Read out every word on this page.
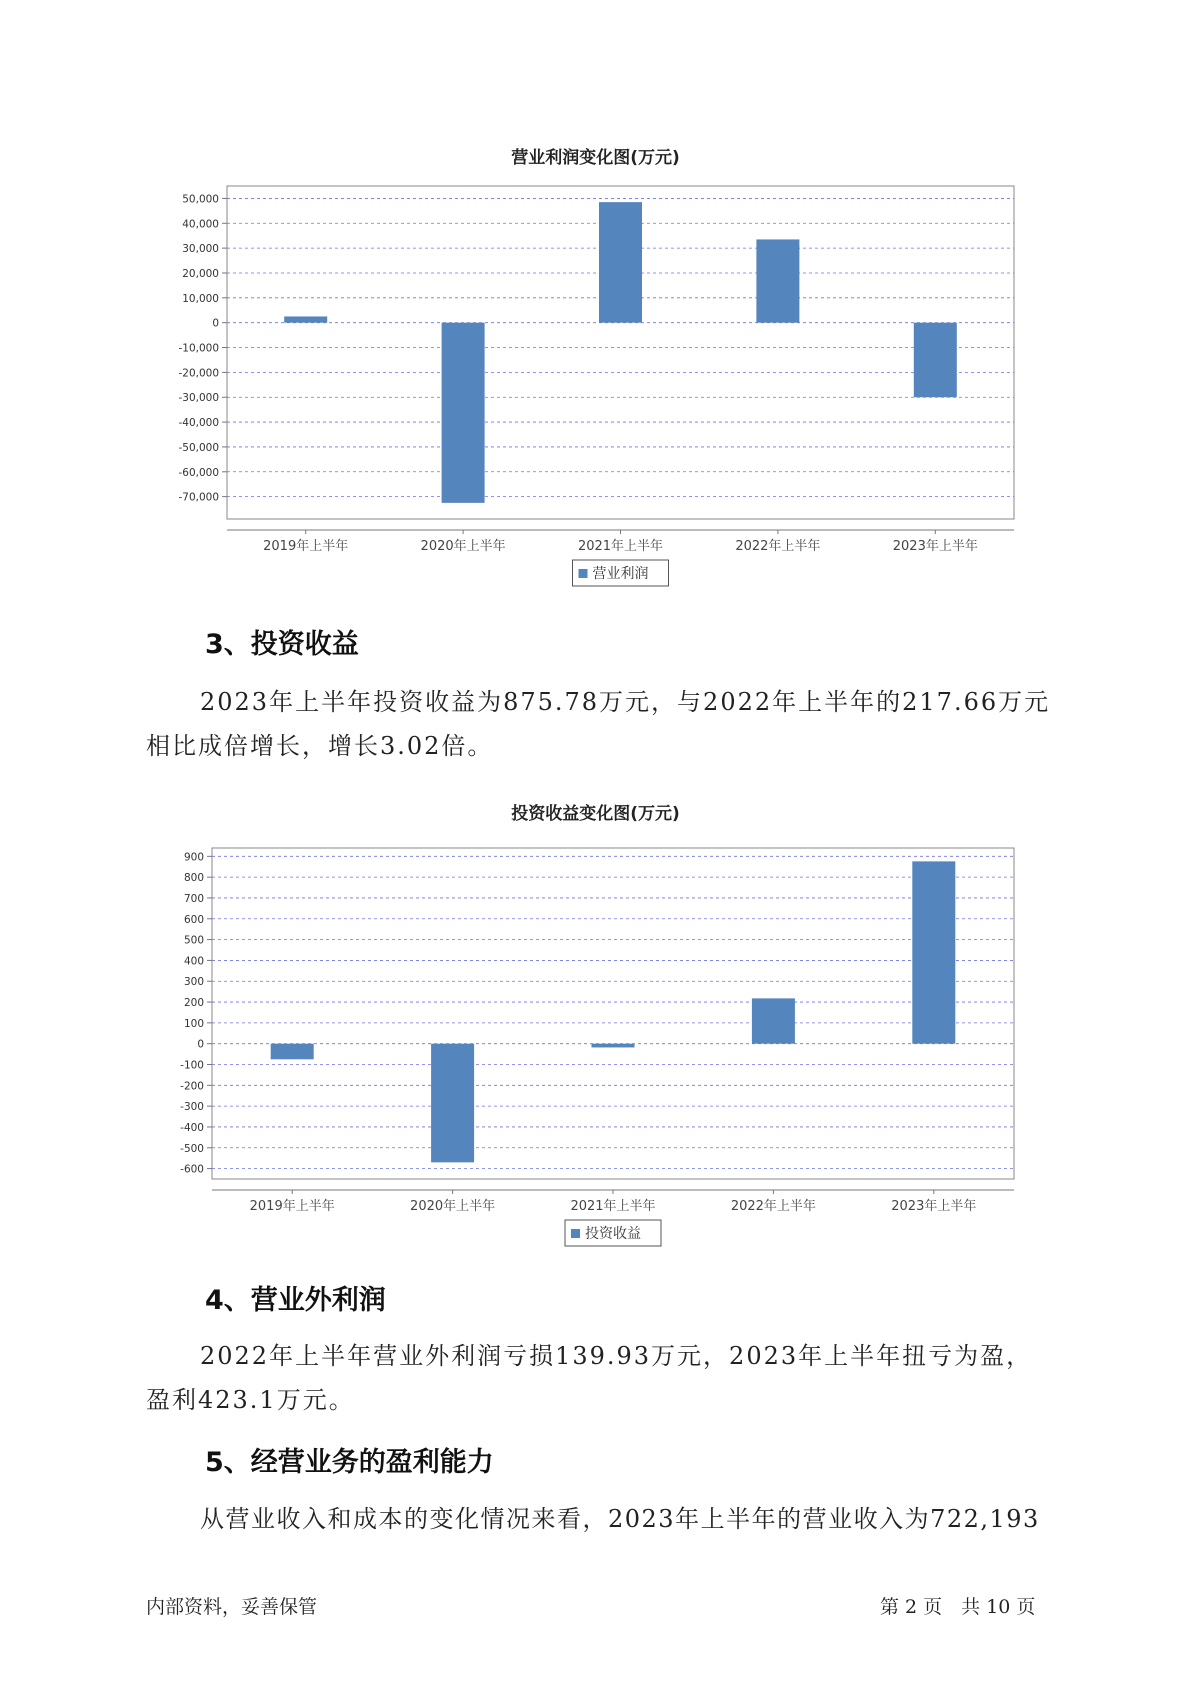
营业利润变化图(万元)
50,000
40,000
30,000
20,000
10,000
0
-10,000
-20,000
-30,000
-40,000
-50,000
-60,000
-70,000
2019年上半年	2020年上半年	2021年上半年	2022年上半年	2023年上半年
营业利润
3、投资收益
2023年上半年投资收益为875.78万元，与2022年上半年的217.66万元
相比成倍增长，增长3.02倍。
投资收益变化图(万元)
900
800
700
600
500
400
300
200
100
0
-100
-200
-300
-400
-500
-600
2019年上半年	2020年上半年	2021年上半年	2022年上半年	2023年上半年
投资收益
4、营业外利润
2022年上半年营业外利润亏损139.93万元，2023年上半年扭亏为盈，
盈利423.1万元。
5、经营业务的盈利能力
从营业收入和成本的变化情况来看，2023年上半年的营业收入为722,193
内部资料，妥善保管	第 2 页　共 10 页
